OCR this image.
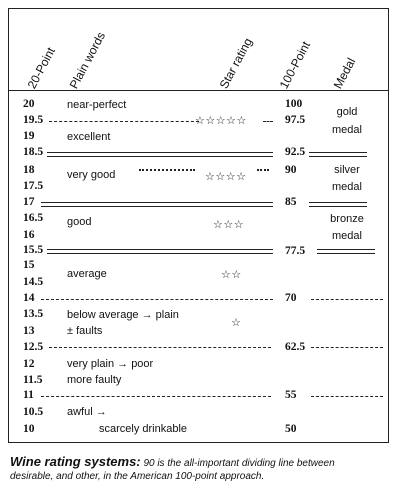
20-Point Plain words	Star rating 100-Point Medal
20
19.5
19
18.5
18
17.5
17
16.5
16
15.5
15
14.5
14
13.5
13
12.5
12
11.5
11
10.5
10
near-perfect
excellent
very good
good
average
below average → plain
± faults
very plain → poor
more faulty
awful →
scarcely drinkable
☆☆☆☆☆
☆☆☆☆
☆☆☆
☆☆
☆
100
97.5
92.5
90
85
77.5
70
62.5
55
50
gold
medal
silver
medal
bronze
medal
Wine rating systems: 90 is the all-important dividing line between
desirable, and other, in the American 100-point approach.
